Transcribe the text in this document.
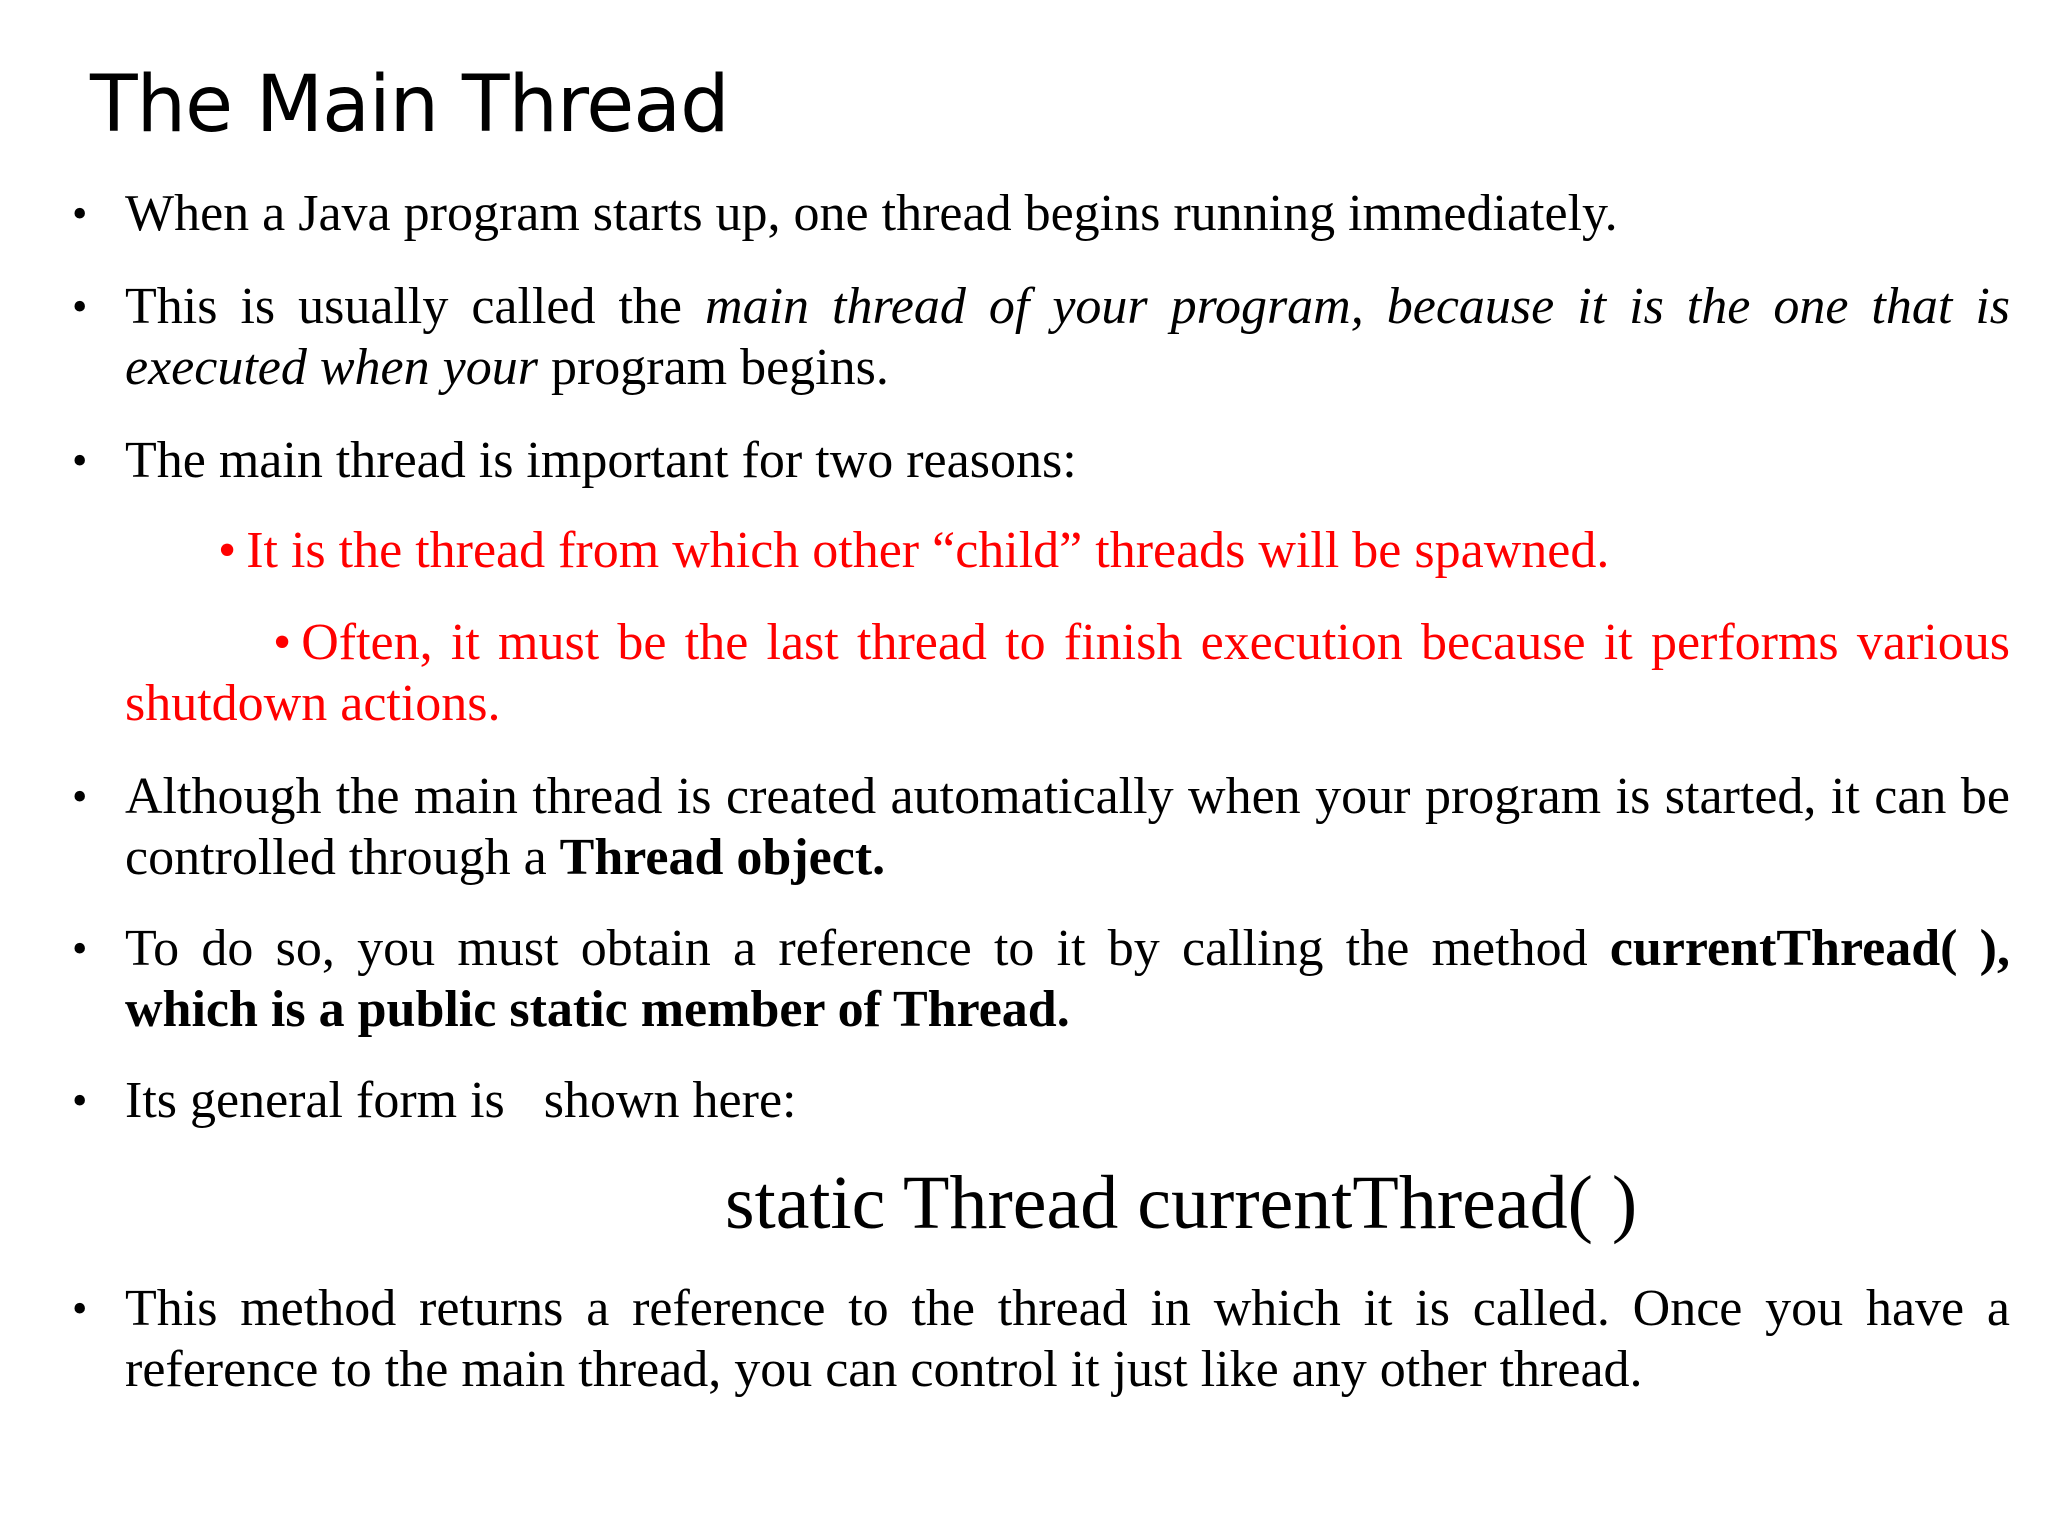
The Main Thread
• When a Java program starts up, one thread begins running immediately.
• This is usually called the main thread of your program, because it is the one that is executed when your program begins.
• The main thread is important for two reasons:
• It is the thread from which other “child” threads will be spawned.
• Often, it must be the last thread to finish execution because it performs various shutdown actions.
• Although the main thread is created automatically when your program is started, it can be controlled through a Thread object.
• To do so, you must obtain a reference to it by calling the method currentThread( ), which is a public static member of Thread.
• Its general form is   shown here:
static Thread currentThread( )
• This method returns a reference to the thread in which it is called. Once you have a reference to the main thread, you can control it just like any other thread.
